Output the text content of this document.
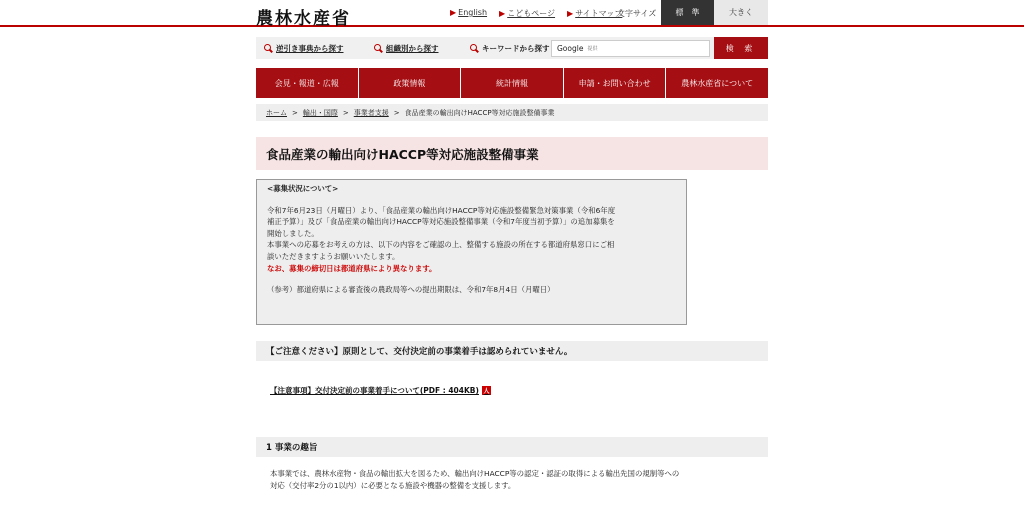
農林水産省	▶ English ▶ こどもページ ▶ サイトマップ
文字サイズ	標　準	大きく
逆引き事典から探す	組織別から探す	キーワードから探す Google 提供	検 索
会見・報道・広報	政策情報	統計情報	申請・お問い合わせ	農林水産省について
ホーム > 輸出・国際 > 事業者支援 > 食品産業の輸出向けHACCP等対応施設整備事業
食品産業の輸出向けHACCP等対応施設整備事業
<募集状況について>
令和7年6月23日（月曜日）より、「食品産業の輸出向けHACCP等対応施設整備緊急対策事業（令和6年度
補正予算）」及び「食品産業の輸出向けHACCP等対応施設整備事業（令和7年度当初予算）」の追加募集を
開始しました。
本事業への応募をお考えの方は、以下の内容をご確認の上、整備する施設の所在する都道府県窓口にご相
談いただきますようお願いいたします。
なお、募集の締切日は都道府県により異なります。
（参考）都道府県による審査後の農政局等への提出期限は、令和7年8月4日（月曜日）
【ご注意ください】原則として、交付決定前の事業着手は認められていません。
【注意事項】交付決定前の事業着手について(PDF : 404KB) 人
1 事業の趣旨
本事業では、農林水産物・食品の輸出拡大を図るため、輸出向けHACCP等の認定・認証の取得による輸出先国の規制等への
対応（交付率2分の1以内）に必要となる施設や機器の整備を支援します。
